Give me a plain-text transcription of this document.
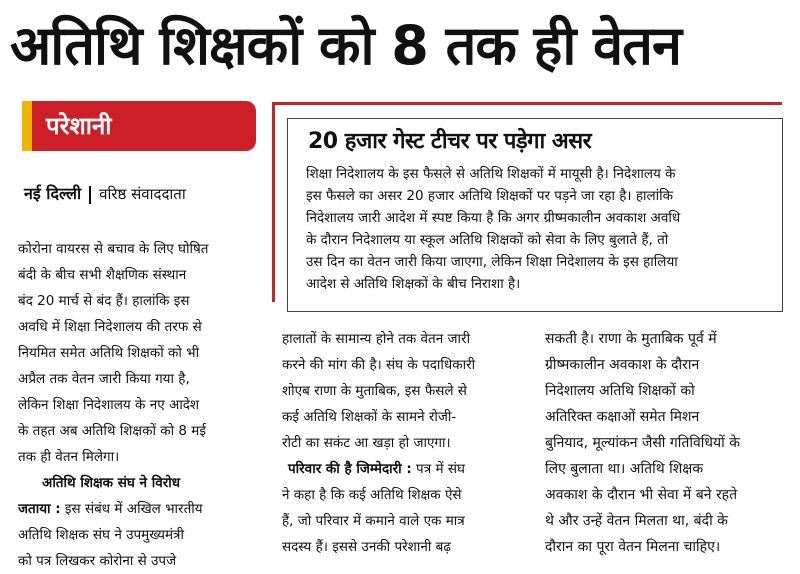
अतिथि शिक्षकों को 8 तक ही वेतन
परेशानी
नई दिल्ली वरिष्ठ संवाददाता
20 हजार गेस्ट टीचर पर पड़ेगा असर
शिक्षा निदेशालय के इस फैसले से अतिथि शिक्षकों में मायूसी है। निदेशालय के
इस फैसले का असर 20 हजार अतिथि शिक्षकों पर पड़ने जा रहा है। हालांकि
निदेशालय जारी आदेश में स्पष्ट किया है कि अगर ग्रीष्मकालीन अवकाश अवधि
के दौरान निदेशालय या स्कूल अतिथि शिक्षकों को सेवा के लिए बुलाते हैं, तो
उस दिन का वेतन जारी किया जाएगा, लेकिन शिक्षा निदेशालय के इस हालिया
आदेश से अतिथि शिक्षकों के बीच निराशा है।
कोरोना वायरस से बचाव के लिए घोषित
बंदी के बीच सभी शैक्षणिक संस्थान
बंद 20 मार्च से बंद हैं। हालांकि इस
अवधि में शिक्षा निदेशालय की तरफ से
नियमित समेत अतिथि शिक्षकों को भी
अप्रैल तक वेतन जारी किया गया है,
लेकिन शिक्षा निदेशालय के नए आदेश
के तहत अब अतिथि शिक्षकों को 8 मई
तक ही वेतन मिलेगा।
अतिथि शिक्षक संघ ने विरोध
जताया : इस संबंध में अखिल भारतीय
अतिथि शिक्षक संघ ने उपमुख्यमंत्री
को पत्र लिखकर कोरोना से उपजे
हालातों के सामान्य होने तक वेतन जारी
करने की मांग की है। संघ के पदाधिकारी
शोएब राणा के मुताबिक, इस फैसले से
कई अतिथि शिक्षकों के सामने रोजी-
रोटी का सकंट आ खड़ा हो जाएगा।
परिवार की है जिम्मेदारी : पत्र में संघ
ने कहा है कि कई अतिथि शिक्षक ऐसे
हैं, जो परिवार में कमाने वाले एक मात्र
सदस्य हैं। इससे उनकी परेशानी बढ़
सकती है। राणा के मुताबिक पूर्व में
ग्रीष्मकालीन अवकाश के दौरान
निदेशालय अतिथि शिक्षकों को
अतिरिक्त कक्षाओं समेत मिशन
बुनियाद, मूल्यांकन जैसी गतिविधियों के
लिए बुलाता था। अतिथि शिक्षक
अवकाश के दौरान भी सेवा में बने रहते
थे और उन्हें वेतन मिलता था, बंदी के
दौरान का पूरा वेतन मिलना चाहिए।
